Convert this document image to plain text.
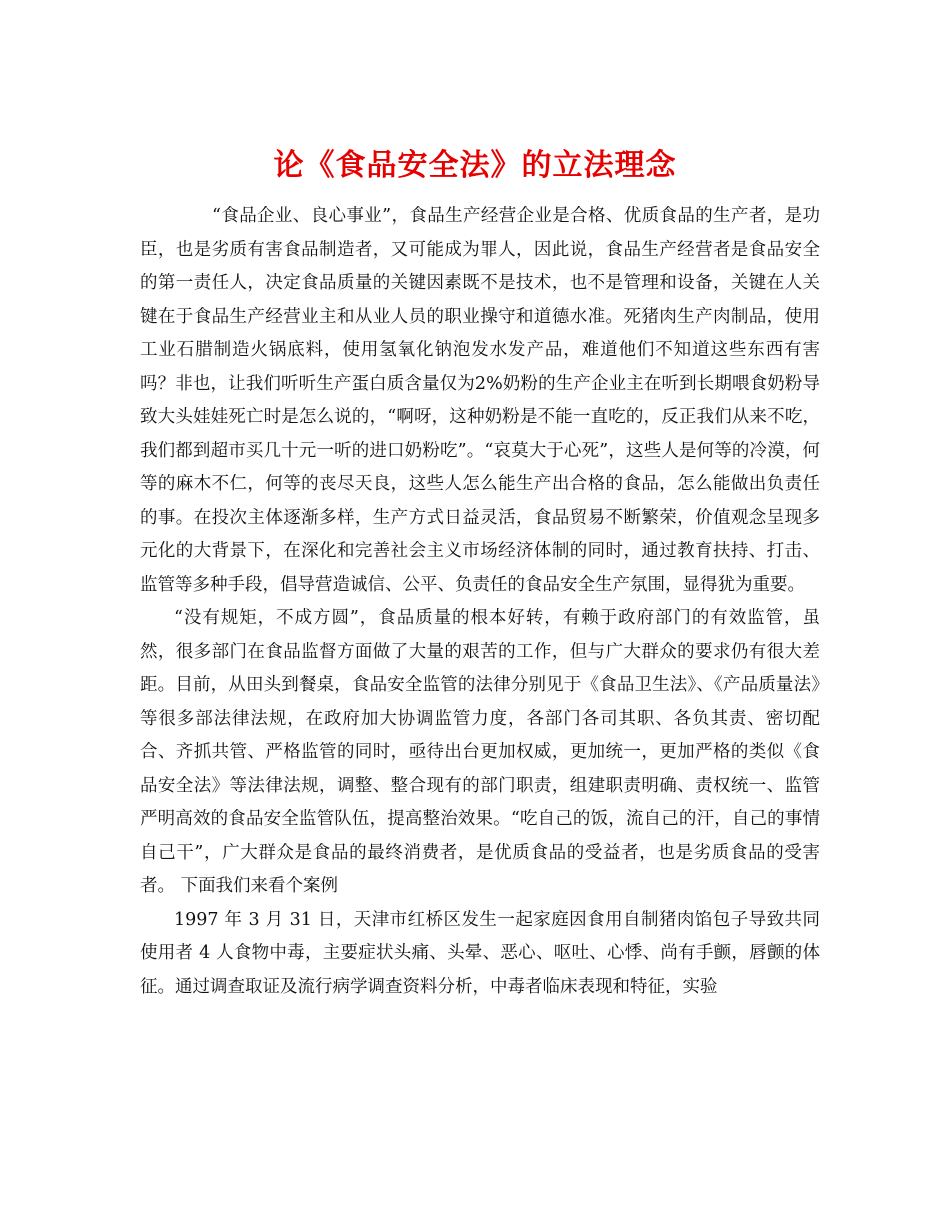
论《食品安全法》的立法理念

“食品企业、良心事业”，食品生产经营企业是合格、优质食品的生产者，是功臣，也是劣质有害食品制造者，又可能成为罪人，因此说，食品生产经营者是食品安全的第一责任人，决定食品质量的关键因素既不是技术，也不是管理和设备，关键在人关键在于食品生产经营业主和从业人员的职业操守和道德水准。死猪肉生产肉制品，使用工业石腊制造火锅底料，使用氢氧化钠泡发水发产品，难道他们不知道这些东西有害吗？非也，让我们听听生产蛋白质含量仅为2%奶粉的生产企业主在听到长期喂食奶粉导致大头娃娃死亡时是怎么说的，“啊呀，这种奶粉是不能一直吃的，反正我们从来不吃，我们都到超市买几十元一听的进口奶粉吃”。“哀莫大于心死”，这些人是何等的冷漠，何等的麻木不仁，何等的丧尽天良，这些人怎么能生产出合格的食品，怎么能做出负责任的事。在投次主体逐渐多样，生产方式日益灵活，食品贸易不断繁荣，价值观念呈现多元化的大背景下，在深化和完善社会主义市场经济体制的同时，通过教育扶持、打击、监管等多种手段，倡导营造诚信、公平、负责任的食品安全生产氛围，显得犹为重要。

“没有规矩，不成方圆”，食品质量的根本好转，有赖于政府部门的有效监管，虽然，很多部门在食品监督方面做了大量的艰苦的工作，但与广大群众的要求仍有很大差距。目前，从田头到餐桌，食品安全监管的法律分别见于《食品卫生法》、《产品质量法》等很多部法律法规，在政府加大协调监管力度，各部门各司其职、各负其责、密切配合、齐抓共管、严格监管的同时，亟待出台更加权威，更加统一，更加严格的类似《食品安全法》等法律法规，调整、整合现有的部门职责，组建职责明确、责权统一、监管严明高效的食品安全监管队伍，提高整治效果。“吃自己的饭，流自己的汗，自己的事情自己干”，广大群众是食品的最终消费者，是优质食品的受益者，也是劣质食品的受害者。 下面我们来看个案例

1997 年 3 月 31 日，天津市红桥区发生一起家庭因食用自制猪肉馅包子导致共同使用者 4 人食物中毒，主要症状头痛、头晕、恶心、呕吐、心悸、尚有手颤，唇颤的体征。通过调查取证及流行病学调查资料分析，中毒者临床表现和特征，实验
